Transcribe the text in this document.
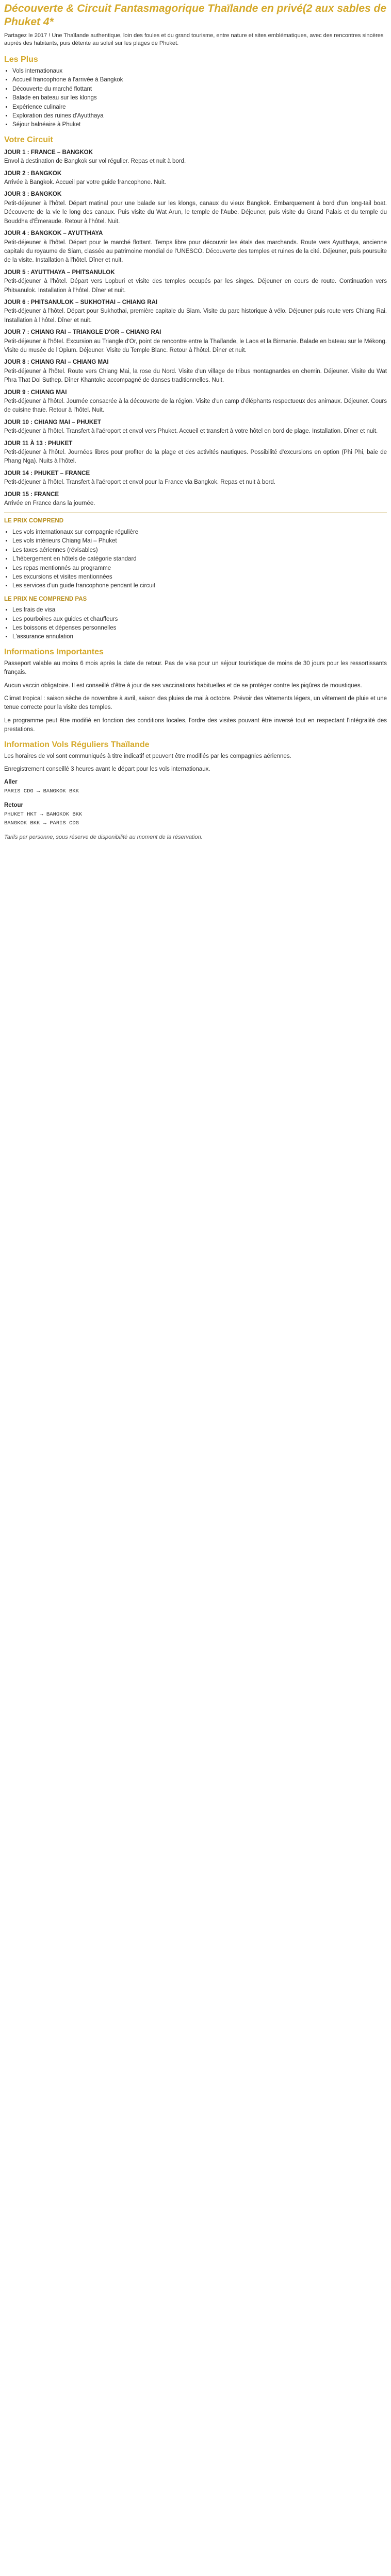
Découverte & Circuit Fantasmagorique Thaïlande en privé(2 aux sables de Phuket 4*

Partagez le 2017 ! Une Thaïlande authentique, loin des foules et du grand tourisme, entre nature et sites emblématiques, avec des rencontres sincères auprès des habitants, puis détente au soleil sur les plages de Phuket.

Les Plus
• Vols internationaux
• Accueil francophone à l'arrivée à Bangkok
• Découverte du marché flottant
• Balade en bateau sur les klongs
• Expérience culinaire
• Exploration des ruines d'Ayutthaya
• Séjour balnéaire à Phuket
Votre Circuit
JOUR 1 : FRANCE – BANGKOK

Envol à destination de Bangkok sur vol régulier. Repas et nuit à bord.

JOUR 2 : BANGKOK

Arrivée à Bangkok. Accueil par votre guide francophone. Nuit.

JOUR 3 : BANGKOK

Petit-déjeuner à l'hôtel. Départ matinal pour une balade sur les klongs, canaux du vieux Bangkok. Embarquement à bord d'un long-tail boat. Découverte de la vie le long des canaux. Puis visite du Wat Arun, le temple de l'Aube. Déjeuner, puis visite du Grand Palais et du temple du Bouddha d'Émeraude. Retour à l'hôtel. Nuit.

JOUR 4 : BANGKOK – AYUTTHAYA

Petit-déjeuner à l'hôtel. Départ pour le marché flottant. Temps libre pour découvrir les étals des marchands. Route vers Ayutthaya, ancienne capitale du royaume de Siam, classée au patrimoine mondial de l'UNESCO. Découverte des temples et ruines de la cité. Déjeuner, puis poursuite de la visite. Installation à l'hôtel. Dîner et nuit.

JOUR 5 : AYUTTHAYA – PHITSANULOK

Petit-déjeuner à l'hôtel. Départ vers Lopburi et visite des temples occupés par les singes. Déjeuner en cours de route. Continuation vers Phitsanulok. Installation à l'hôtel. Dîner et nuit.

JOUR 6 : PHITSANULOK – SUKHOTHAI – CHIANG RAI

Petit-déjeuner à l'hôtel. Départ pour Sukhothai, première capitale du Siam. Visite du parc historique à vélo. Déjeuner puis route vers Chiang Rai. Installation à l'hôtel. Dîner et nuit.

JOUR 7 : CHIANG RAI – TRIANGLE D'OR – CHIANG RAI

Petit-déjeuner à l'hôtel. Excursion au Triangle d'Or, point de rencontre entre la Thaïlande, le Laos et la Birmanie. Balade en bateau sur le Mékong. Visite du musée de l'Opium. Déjeuner. Visite du Temple Blanc. Retour à l'hôtel. Dîner et nuit.

JOUR 8 : CHIANG RAI – CHIANG MAI

Petit-déjeuner à l'hôtel. Route vers Chiang Mai, la rose du Nord. Visite d'un village de tribus montagnardes en chemin. Déjeuner. Visite du Wat Phra That Doi Suthep. Dîner Khantoke accompagné de danses traditionnelles. Nuit.

JOUR 9 : CHIANG MAI

Petit-déjeuner à l'hôtel. Journée consacrée à la découverte de la région. Visite d'un camp d'éléphants respectueux des animaux. Déjeuner. Cours de cuisine thaïe. Retour à l'hôtel. Nuit.

JOUR 10 : CHIANG MAI – PHUKET

Petit-déjeuner à l'hôtel. Transfert à l'aéroport et envol vers Phuket. Accueil et transfert à votre hôtel en bord de plage. Installation. Dîner et nuit.

JOUR 11 À 13 : PHUKET

Petit-déjeuner à l'hôtel. Journées libres pour profiter de la plage et des activités nautiques. Possibilité d'excursions en option (Phi Phi, baie de Phang Nga). Nuits à l'hôtel.

JOUR 14 : PHUKET – FRANCE

Petit-déjeuner à l'hôtel. Transfert à l'aéroport et envol pour la France via Bangkok. Repas et nuit à bord.

JOUR 15 : FRANCE

Arrivée en France dans la journée.

LE PRIX COMPREND
• Les vols internationaux sur compagnie régulière
• Les vols intérieurs Chiang Mai – Phuket
• Les taxes aériennes (révisables)
• L'hébergement en hôtels de catégorie standard
• Les repas mentionnés au programme
• Les excursions et visites mentionnées
• Les services d'un guide francophone pendant le circuit
LE PRIX NE COMPREND PAS
• Les frais de visa
• Les pourboires aux guides et chauffeurs
• Les boissons et dépenses personnelles
• L'assurance annulation
Informations Importantes

Passeport valable au moins 6 mois après la date de retour. Pas de visa pour un séjour touristique de moins de 30 jours pour les ressortissants français.

Aucun vaccin obligatoire. Il est conseillé d'être à jour de ses vaccinations habituelles et de se protéger contre les piqûres de moustiques.

Climat tropical : saison sèche de novembre à avril, saison des pluies de mai à octobre. Prévoir des vêtements légers, un vêtement de pluie et une tenue correcte pour la visite des temples.

Le programme peut être modifié en fonction des conditions locales, l'ordre des visites pouvant être inversé tout en respectant l'intégralité des prestations.

Information Vols Réguliers Thaïlande

Les horaires de vol sont communiqués à titre indicatif et peuvent être modifiés par les compagnies aériennes.

Enregistrement conseillé 3 heures avant le départ pour les vols internationaux.

Aller
PARIS CDG → BANGKOK BKK
Retour
PHUKET HKT → BANGKOK BKK
BANGKOK BKK → PARIS CDG

Tarifs par personne, sous réserve de disponibilité au moment de la réservation.
